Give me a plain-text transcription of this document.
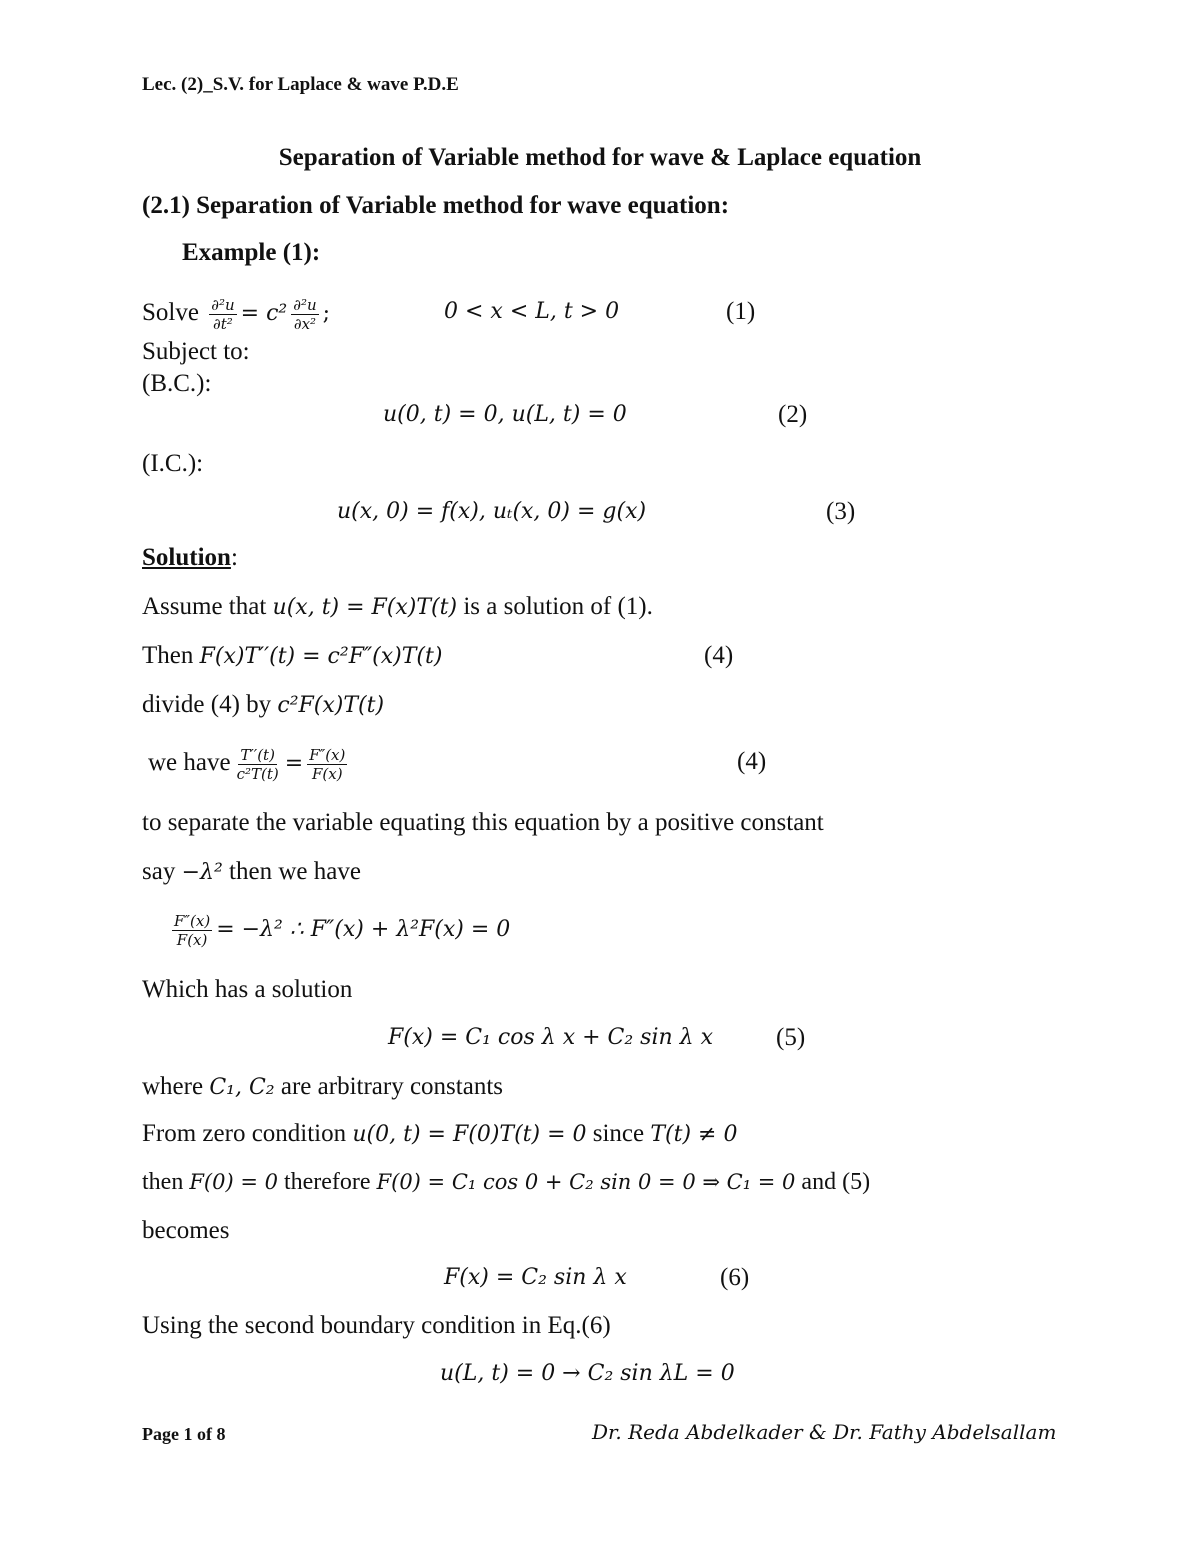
Lec. (2)_S.V. for Laplace & wave P.D.E
Separation of Variable method for wave & Laplace equation
(2.1) Separation of Variable method for wave equation:
Example (1):
Solve $\frac{\text{∂²u}}{\text{∂t²}} = c^2 \frac{\text{∂²u}}{\text{∂x²}}$ ;	0 < x < L, t > 0	(1)
Subject to:
(B.C.):
u(0, t) = 0, u(L, t) = 0	(2)
(I.C.):
u(x, 0) = f(x), uₜ(x, 0) = g(x)	(3)
Solution:
Assume that u(x, t) = F(x)T(t) is a solution of (1).
Then F(x)T′′(t) = c²F″(x)T(t)	(4)
divide (4) by c²F(x)T(t)
we have $\frac{T''(t)}{\text{c²T(t)}} = \frac{F''(x)}{F(x)}$	(4)
to separate the variable equating this equation by a positive constant
say −λ² then we have
$\frac{F''(x)}{F(x)} = -\lambda^2$ ∴ F″(x) + λ²F(x) = 0
Which has a solution
F(x) = C₁ cos λ x + C₂ sin λ x	(5)
where C₁, C₂ are arbitrary constants
From zero condition u(0, t) = F(0)T(t) = 0 since T(t) ≠ 0
then F(0) = 0 therefore F(0) = C₁ cos 0 + C₂ sin 0 = 0 ⇒ C₁ = 0 and (5)
becomes
F(x) = C₂ sin λ x	(6)
Using the second boundary condition in Eq.(6)
u(L, t) = 0 → C₂ sin λL = 0
Page 1 of 8	Dr. Reda Abdelkader & Dr. Fathy Abdelsallam
